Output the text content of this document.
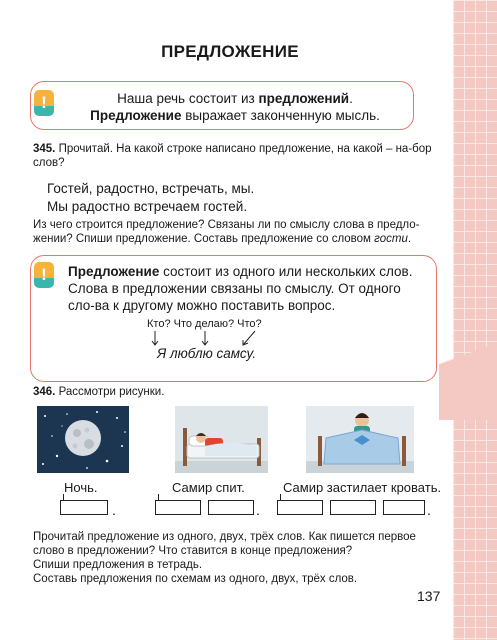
ПРЕДЛОЖЕНИЕ
!	Наша речь состоит из предложений.
Предложение выражает законченную мысль.
345. Прочитай. На какой строке написано предложение, на какой – на-бор слов?
Гостей, радостно, встречать, мы.
Мы радостно встречаем гостей.
Из чего строится предложение? Связаны ли по смыслу слова в предло-жении? Спиши предложение. Составь предложение со словом гости.
!	Предложение состоит из одного или нескольких слов.
Слова в предложении связаны по смыслу. От одного сло-ва к другому можно поставить вопрос.
Кто? Что делаю? Что?
Я люблю самсу.
346. Рассмотри рисунки.
Ночь.	Самир спит.	Самир застилает кровать.
.	.	.
Прочитай предложение из одного, двух, трёх слов. Как пишется первое слово в предложении? Что ставится в конце предложения?
Спиши предложения в тетрадь.
Составь предложения по схемам из одного, двух, трёх слов.
137
